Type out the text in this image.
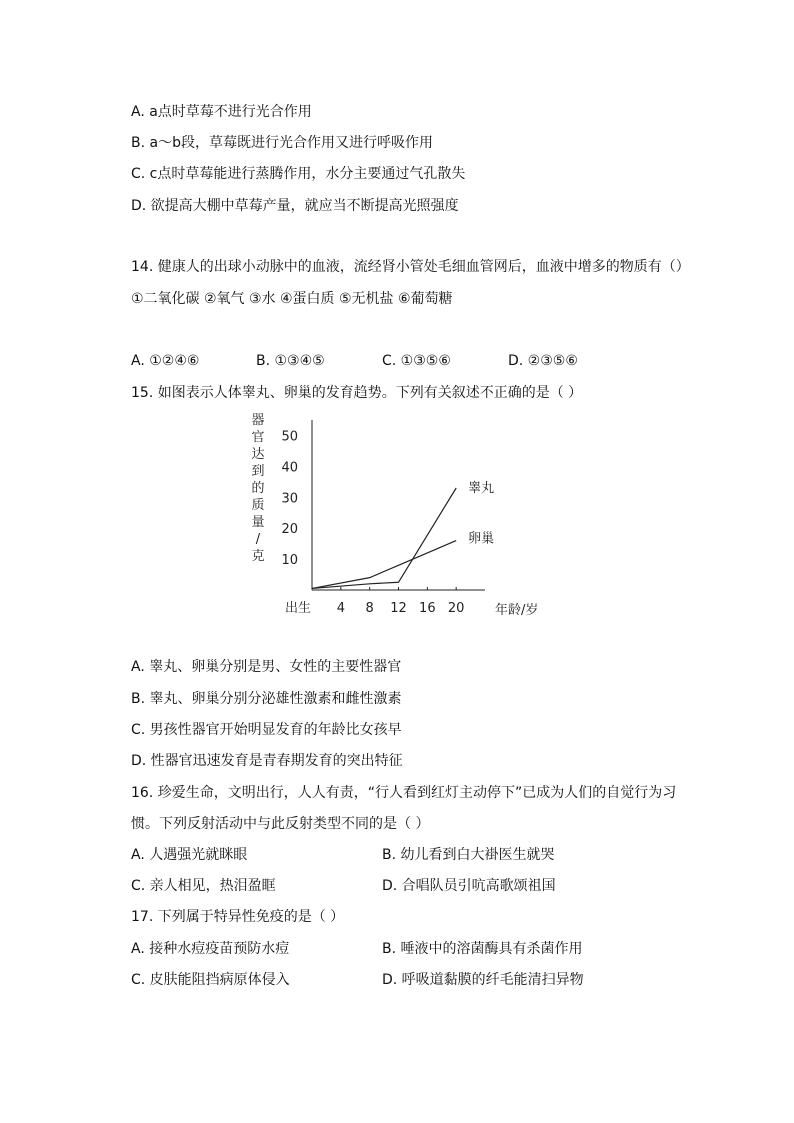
A. a点时草莓不进行光合作用
B. a～b段，草莓既进行光合作用又进行呼吸作用
C. c点时草莓能进行蒸腾作用，水分主要通过气孔散失
D. 欲提高大棚中草莓产量，就应当不断提高光照强度
14. 健康人的出球小动脉中的血液，流经肾小管处毛细血管网后，血液中增多的物质有（）
①二氧化碳 ②氧气 ③水 ④蛋白质 ⑤无机盐 ⑥葡萄糖
A. ①②④⑥	B. ①③④⑤	C. ①③⑤⑥	D. ②③⑤⑥
15. 如图表示人体睾丸、卵巢的发育趋势。下列有关叙述不正确的是（ ）
器
官
达
到
的
质
量
/
克 10
20
30
40
50
4 8 12 16 20
出生	年龄/岁
睾丸
卵巢
A. 睾丸、卵巢分别是男、女性的主要性器官
B. 睾丸、卵巢分别分泌雄性激素和雌性激素
C. 男孩性器官开始明显发育的年龄比女孩早
D. 性器官迅速发育是青春期发育的突出特征
16. 珍爱生命，文明出行，人人有责，“行人看到红灯主动停下”已成为人们的自觉行为习
惯。下列反射活动中与此反射类型不同的是（ ）
A. 人遇强光就眯眼	B. 幼儿看到白大褂医生就哭
C. 亲人相见，热泪盈眶	D. 合唱队员引吭高歌颂祖国
17. 下列属于特异性免疫的是（ ）
A. 接种水痘疫苗预防水痘	B. 唾液中的溶菌酶具有杀菌作用
C. 皮肤能阻挡病原体侵入	D. 呼吸道黏膜的纤毛能清扫异物
